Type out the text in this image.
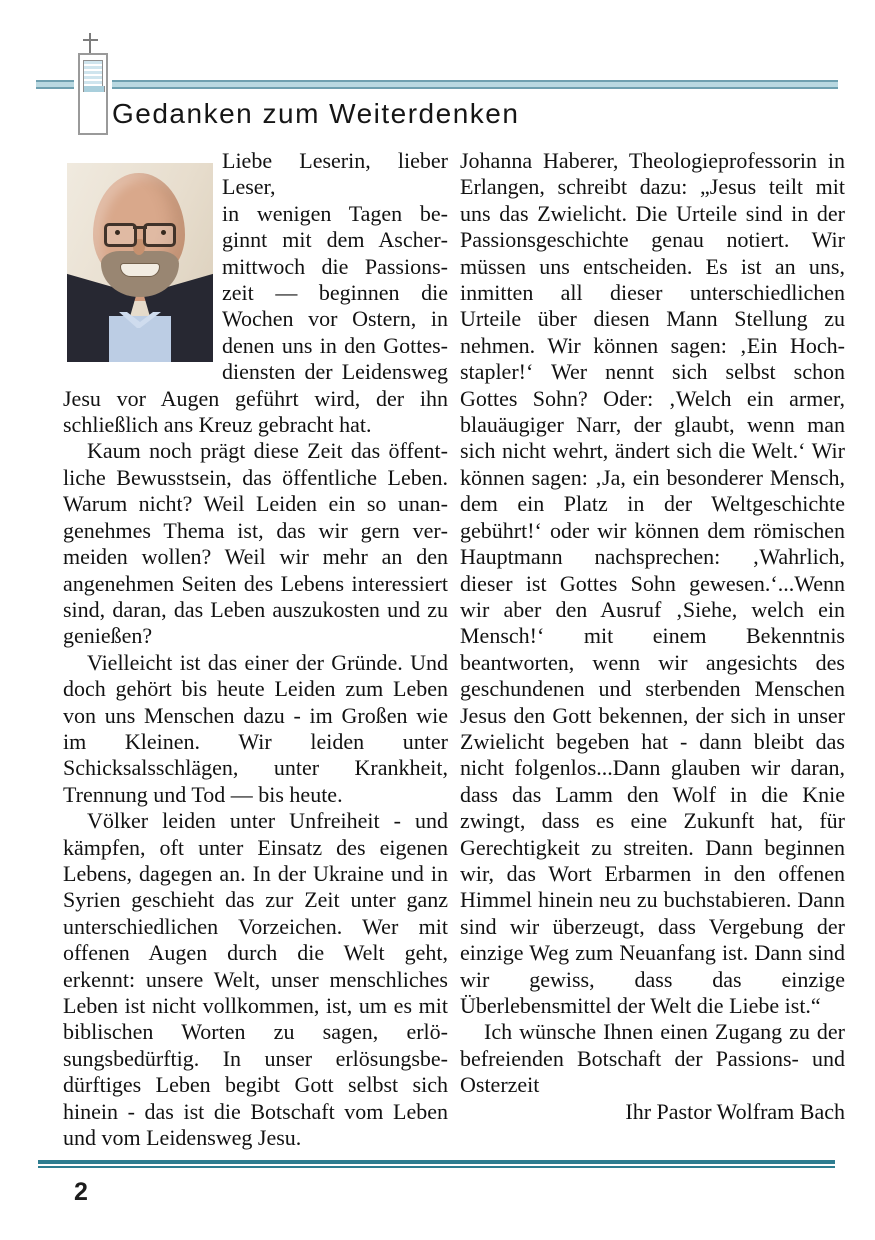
Gedanken zum Weiterdenken

Liebe Leserin, lieber Leser,

in wenigen Tagen beginnt mit dem Aschermittwoch die Passionszeit — beginnen die Wochen vor Ostern, in denen uns in den Gottesdiensten der Leidensweg Jesu vor Augen geführt wird, der ihn schließlich ans Kreuz gebracht hat.

Kaum noch prägt diese Zeit das öffentliche Bewusstsein, das öffentliche Leben. Warum nicht? Weil Leiden ein so unangenehmes Thema ist, das wir gern vermeiden wollen? Weil wir mehr an den angenehmen Seiten des Lebens interessiert sind, daran, das Leben auszukosten und zu genießen?

Vielleicht ist das einer der Gründe. Und doch gehört bis heute Leiden zum Leben von uns Menschen dazu - im Großen wie im Kleinen. Wir leiden unter Schicksalsschlägen, unter Krankheit, Trennung und Tod — bis heute.

Völker leiden unter Unfreiheit - und kämpfen, oft unter Einsatz des eigenen Lebens, dagegen an. In der Ukraine und in Syrien geschieht das zur Zeit unter ganz unterschiedlichen Vorzeichen. Wer mit offenen Augen durch die Welt geht, erkennt: unsere Welt, unser menschliches Leben ist nicht vollkommen, ist, um es mit biblischen Worten zu sagen, erlösungsbedürftig. In unser erlösungsbedürftiges Leben begibt Gott selbst sich hinein - das ist die Botschaft vom Leben und vom Leidensweg Jesu.

Johanna Haberer, Theologieprofessorin in Erlangen, schreibt dazu: „Jesus teilt mit uns das Zwielicht. Die Urteile sind in der Passionsgeschichte genau notiert. Wir müssen uns entscheiden. Es ist an uns, inmitten all dieser unterschiedlichen Urteile über diesen Mann Stellung zu nehmen. Wir können sagen: ‚Ein Hochstapler!‘ Wer nennt sich selbst schon Gottes Sohn? Oder: ‚Welch ein armer, blauäugiger Narr, der glaubt, wenn man sich nicht wehrt, ändert sich die Welt.‘ Wir können sagen: ‚Ja, ein besonderer Mensch, dem ein Platz in der Weltgeschichte gebührt!‘ oder wir können dem römischen Hauptmann nachsprechen: ‚Wahrlich, dieser ist Gottes Sohn gewesen.‘...Wenn wir aber den Ausruf ‚Siehe, welch ein Mensch!‘ mit einem Bekenntnis beantworten, wenn wir angesichts des geschundenen und sterbenden Menschen Jesus den Gott bekennen, der sich in unser Zwielicht begeben hat - dann bleibt das nicht folgenlos...Dann glauben wir daran, dass das Lamm den Wolf in die Knie zwingt, dass es eine Zukunft hat, für Gerechtigkeit zu streiten. Dann beginnen wir, das Wort Erbarmen in den offenen Himmel hinein neu zu buchstabieren. Dann sind wir überzeugt, dass Vergebung der einzige Weg zum Neuanfang ist. Dann sind wir gewiss, dass das einzige Überlebensmittel der Welt die Liebe ist.“

Ich wünsche Ihnen einen Zugang zu der befreienden Botschaft der Passions- und Osterzeit

Ihr Pastor Wolfram Bach

2
